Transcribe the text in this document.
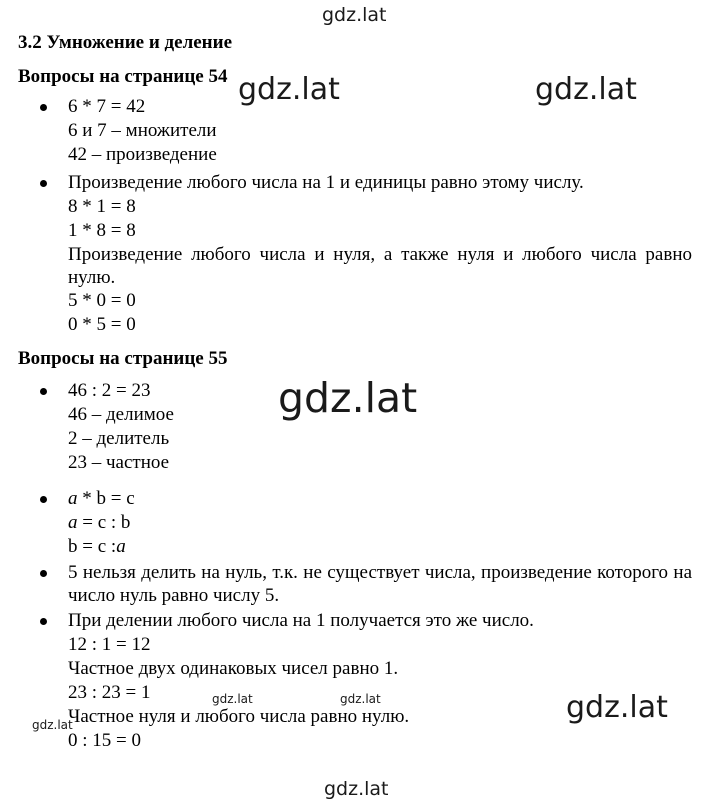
gdz.lat
gdz.lat	gdz.lat
gdz.lat
gdz.lat	gdz.lat
gdz.lat	gdz.lat
gdz.lat
3.2 Умножение и деление
Вопросы на странице 54
6 * 7 = 42
6 и 7 – множители
42 – произведение
Произведение любого числа на 1 и единицы равно этому числу.
8 * 1 = 8
1 * 8 = 8
Произведение любого числа и нуля, а также нуля и любого числа равно нулю.
5 * 0 = 0
0 * 5 = 0
Вопросы на странице 55
46 : 2 = 23
46 – делимое
2 – делитель
23 – частное
a * b = c
a = c : b
b = c :a
5 нельзя делить на нуль, т.к. не существует числа, произведение которого на число нуль равно числу 5.
При делении любого числа на 1 получается это же число.
12 : 1 = 12
Частное двух одинаковых чисел равно 1.
23 : 23 = 1
Частное нуля и любого числа равно нулю.
0 : 15 = 0
